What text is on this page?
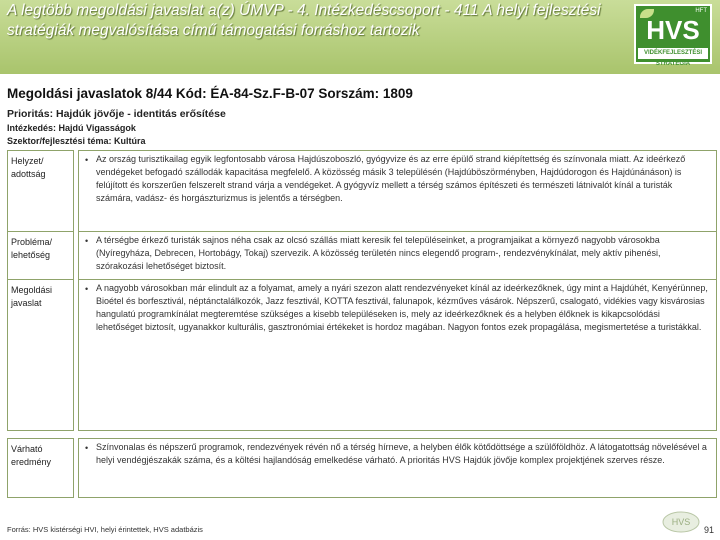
A legtöbb megoldási javaslat a(z) ÚMVP - 4. Intézkedéscsoport - 411 A helyi fejlesztési stratégiák megvalósítása című támogatási forráshoz tartozik
HFT
HVS
VIDÉKFEJLESZTÉSI STRATÉGIA
Megoldási javaslatok 8/44 Kód: ÉA-84-Sz.F-B-07 Sorszám: 1809
Prioritás: Hajdúk jövője - identitás erősítése
Intézkedés: Hajdú Vigasságok
Szektor/fejlesztési téma: Kultúra
Helyzet/ adottság
• Az ország turisztikailag egyik legfontosabb városa Hajdúszoboszló, gyógyvize és az erre épülő strand kiépítettség és színvonala miatt. Az ideérkező vendégeket befogadó szállodák kapacitása megfelelő. A közösség másik 3 településén (Hajdúböszörményben, Hajdúdorogon és Hajdúnánáson) is felújított és korszerűen felszerelt strand várja a vendégeket. A gyógyvíz mellett a térség számos építészeti és természeti látnivalót kínál a turisták számára, vadász- és horgászturizmus is jelentős a térségben.
Probléma/ lehetőség
• A térségbe érkező turisták sajnos néha csak az olcsó szállás miatt keresik fel településeinket, a programjaikat a környező nagyobb városokba (Nyíregyháza, Debrecen, Hortobágy, Tokaj) szervezik. A közösség területén nincs elegendő program-, rendezvénykínálat, mely aktív pihenési, szórakozási lehetőséget biztosít.
Megoldási javaslat
• A nagyobb városokban már elindult az a folyamat, amely a nyári szezon alatt rendezvényeket kínál az ideérkezőknek, úgy mint a Hajdúhét, Kenyérünnep, Bioétel és borfesztivál, néptánctalálkozók, Jazz fesztivál, KOTTA fesztivál, falunapok, kézműves vásárok. Népszerű, csalogató, vidékies vagy kisvárosias hangulatú programkínálat megteremtése szükséges a kisebb településeken is, mely az ideérkezőknek és a helyben élőknek is kikapcsolódási lehetőséget biztosít, ugyanakkor kulturális, gasztronómiai értékeket is hordoz magában. Nagyon fontos ezek propagálása, megismertetése a turistákkal.
Várható eredmény
• Színvonalas és népszerű programok, rendezvények révén nő a térség hírneve, a helyben élők kötődöttsége a szülőföldhöz. A látogatottság növelésével a helyi vendégjészakák száma, és a költési hajlandóság emelkedése várható. A prioritás HVS Hajdúk jövője komplex projektjének szerves része.
Forrás: HVS kistérségi HVI, helyi érintettek, HVS adatbázis
HVS
91
